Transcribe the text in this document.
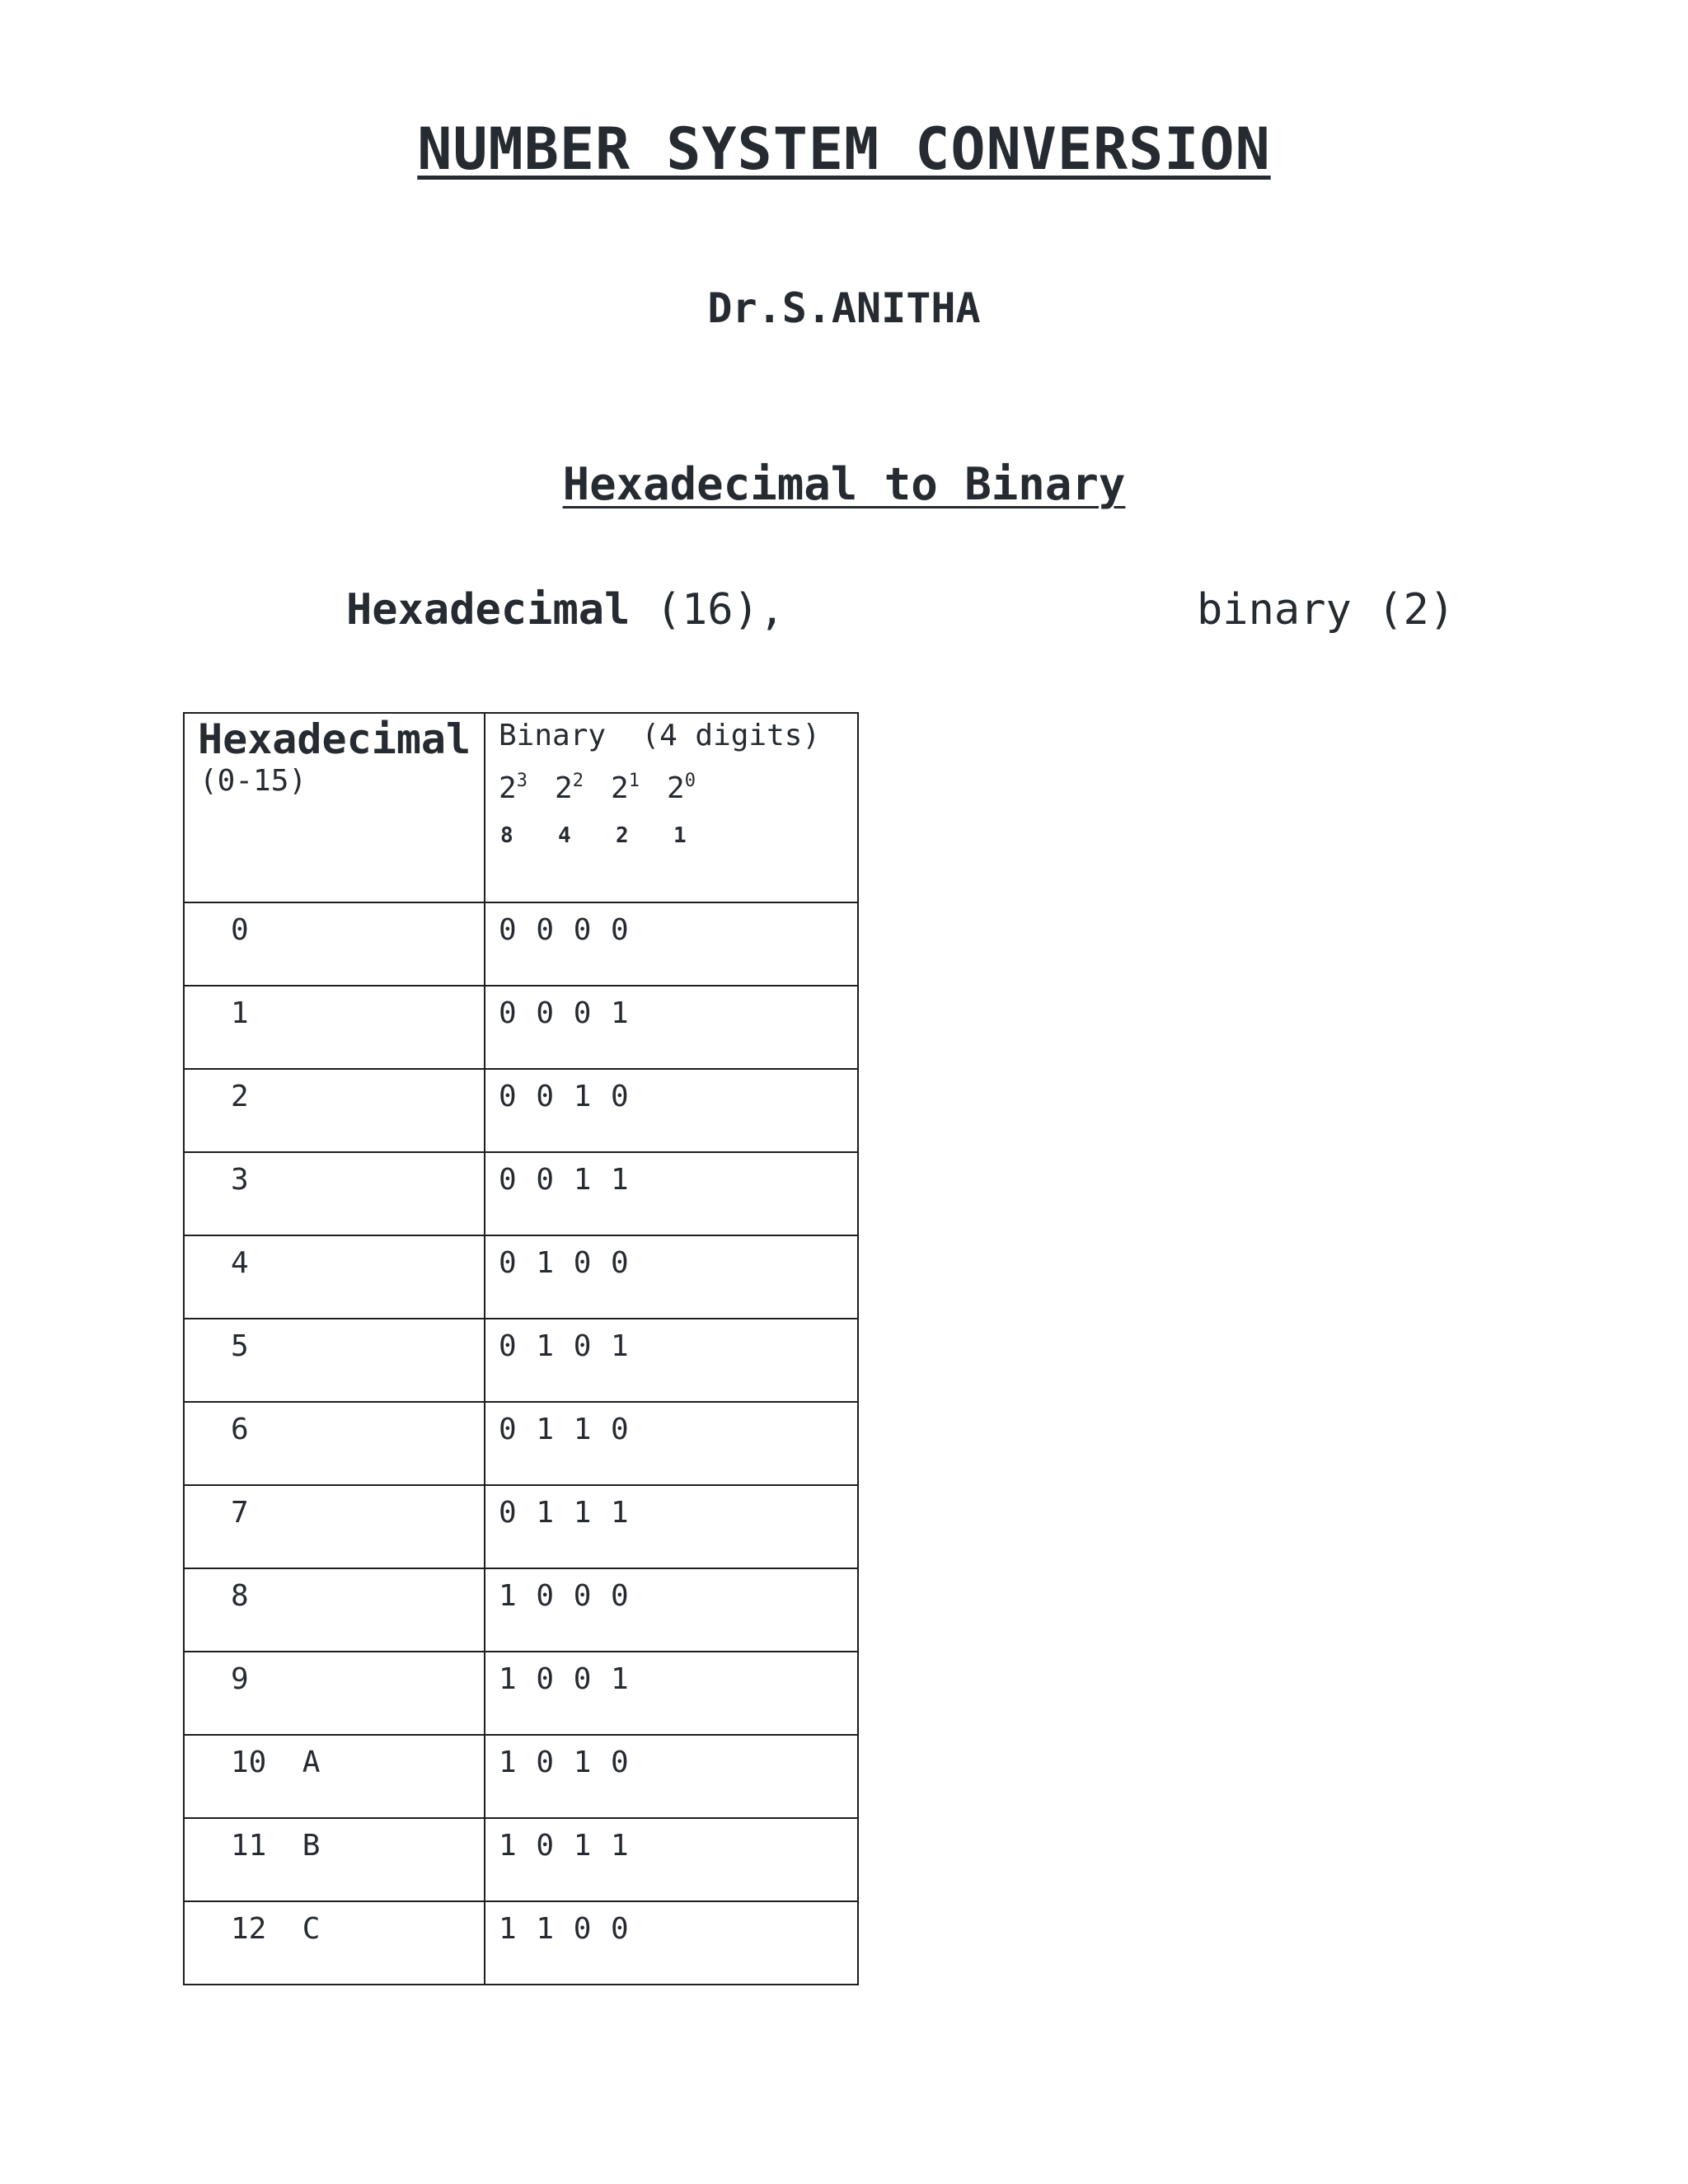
NUMBER SYSTEM CONVERSION
Dr.S.ANITHA
Hexadecimal to Binary
Hexadecimal (16),	binary (2)
Hexadecimal
(0-15)	Binary  (4 digits)
$2^3$ $2^2$ $2^1$ $2^0$
8 4 2 1

0	0 0 0 0

1	0 0 0 1

2	0 0 1 0

3	0 0 1 1

4	0 1 0 0

5	0 1 0 1

6	0 1 1 0

7	0 1 1 1

8	1 0 0 0

9	1 0 0 1

10  A	1 0 1 0

11  B	1 0 1 1

12  C	1 1 0 0
